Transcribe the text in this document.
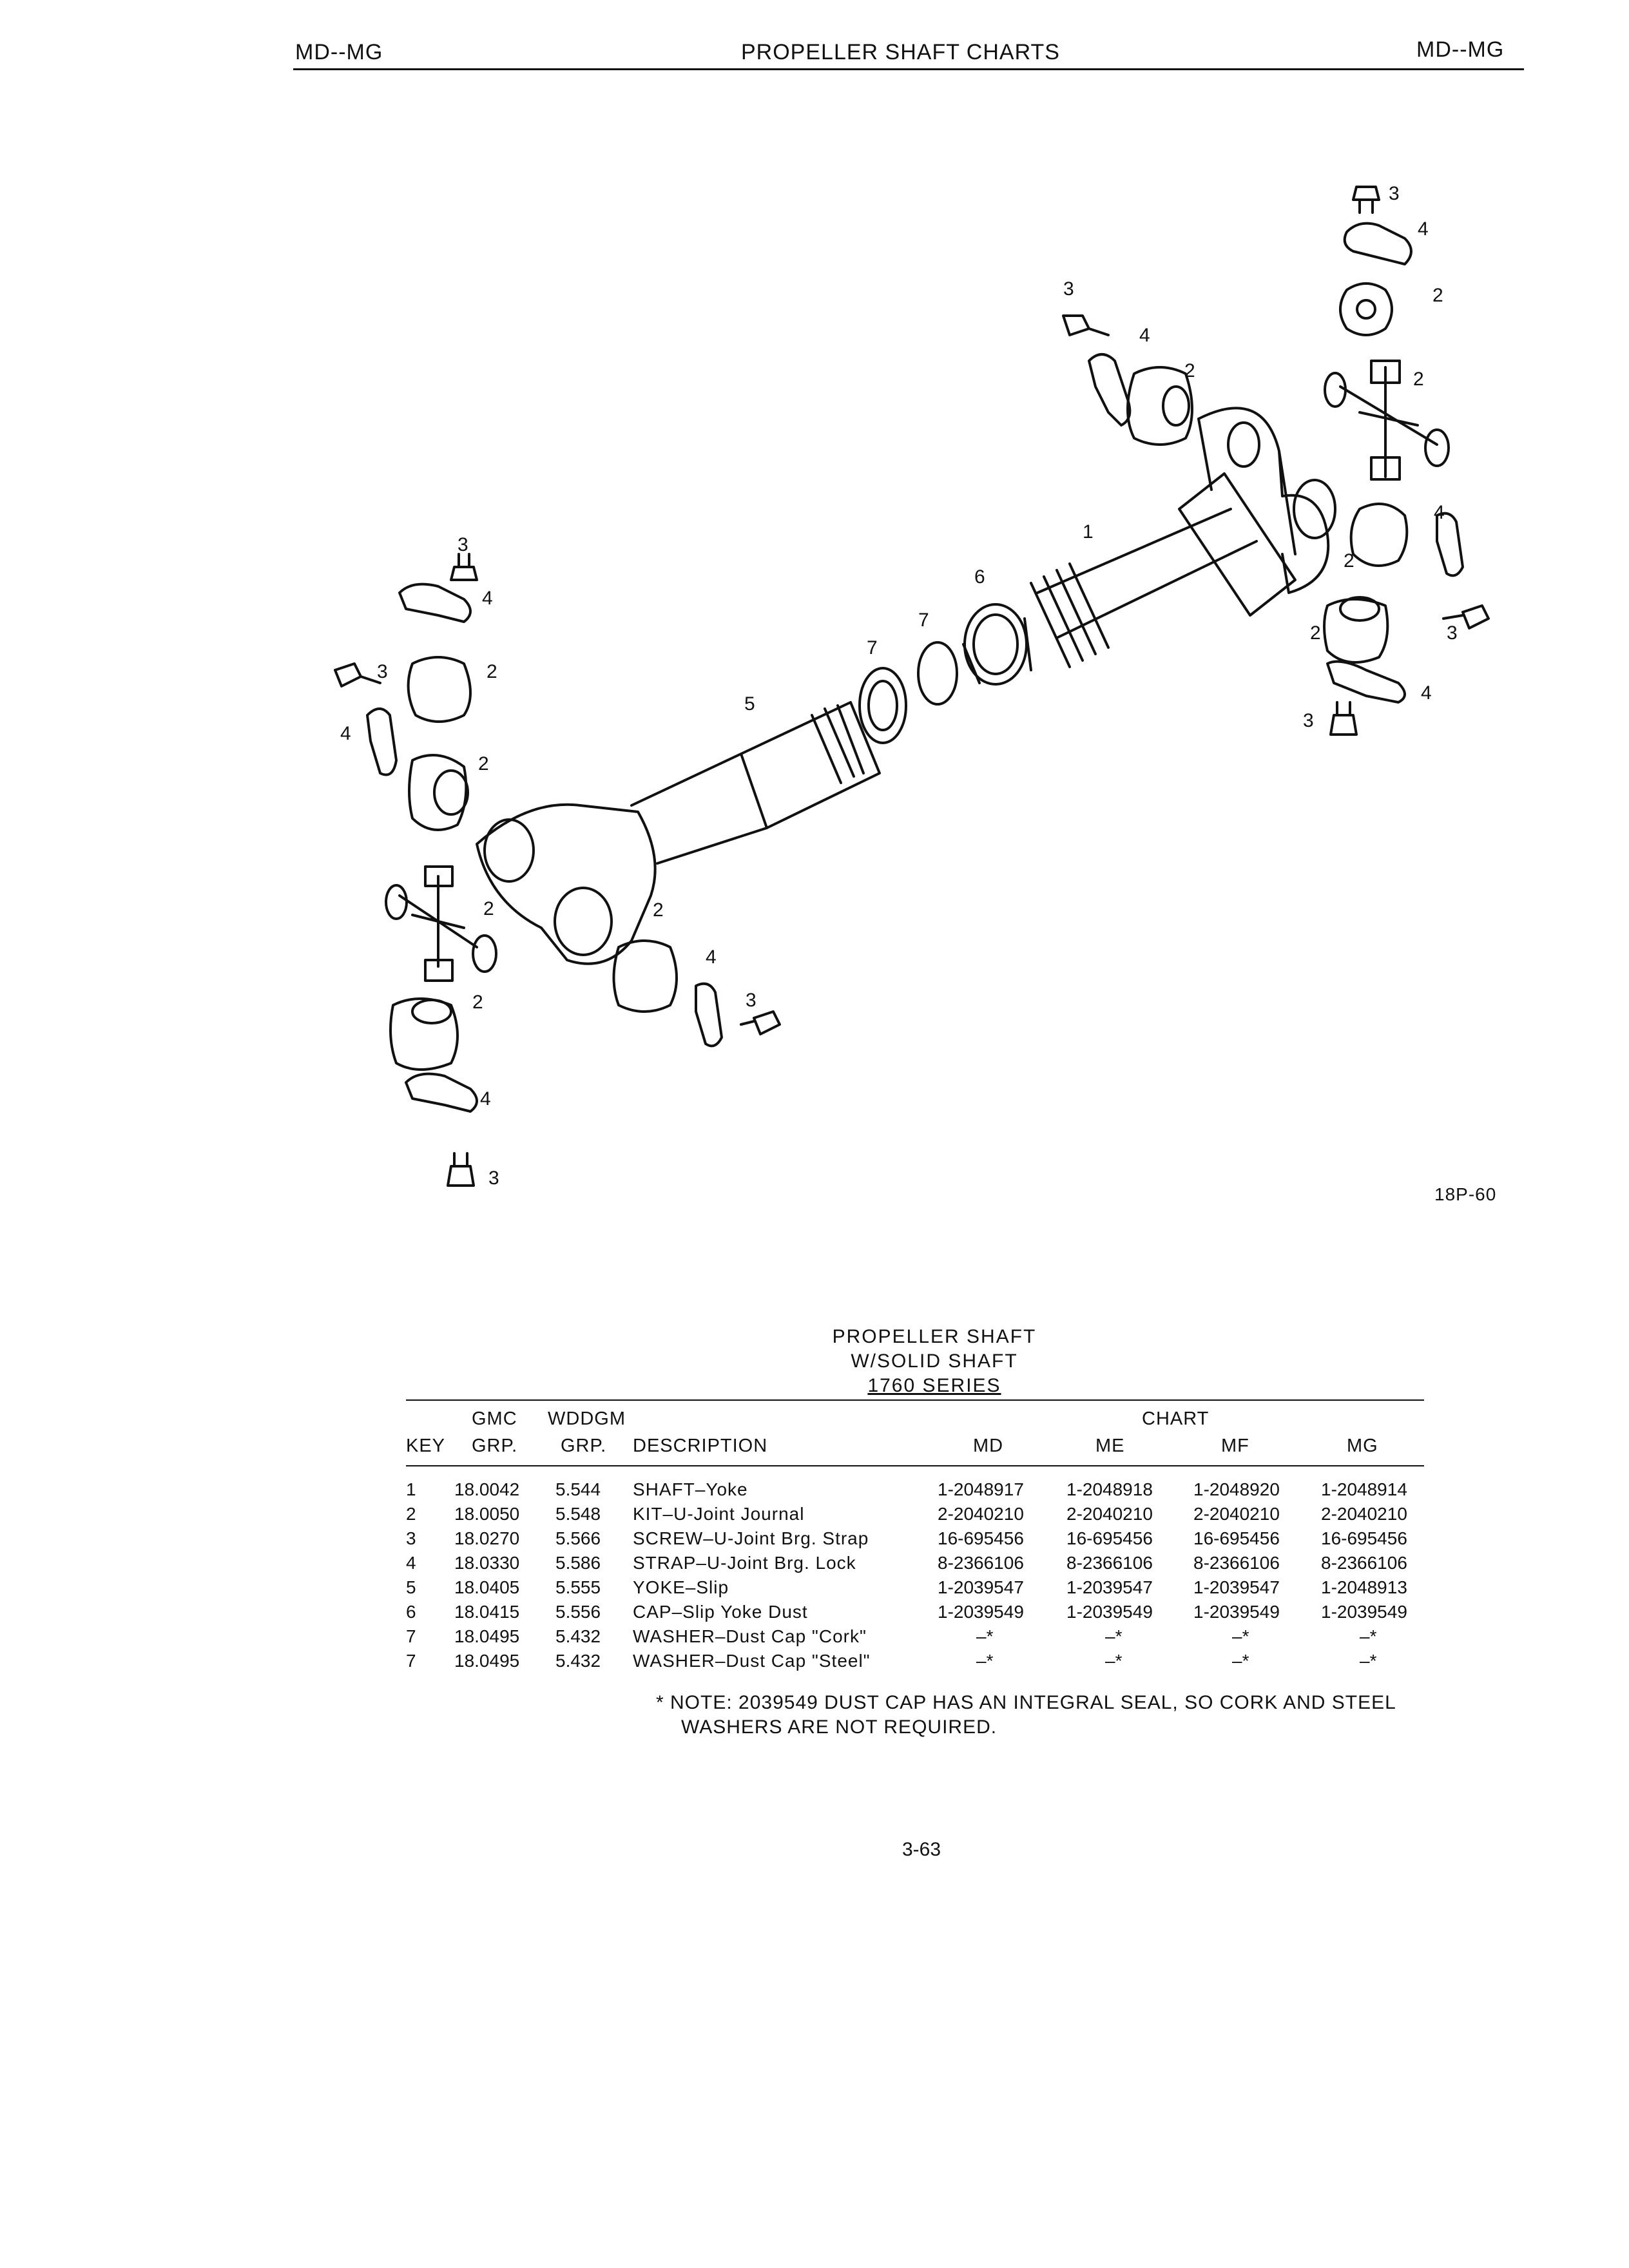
MD--MG	PROPELLER SHAFT CHARTS	MD--MG
3
4
2
2
3
4
2
1
6
7
7
5
4
2
2	3
4
3
3
4
3	2
4
2
2	2
4
3
2
4
3
18P-60
PROPELLER SHAFT
W/SOLID SHAFT
1760 SERIES
GMC WDDGM	CHART
KEY GRP. GRP. DESCRIPTION	MD	ME	MF	MG
1 18.0042 5.544 SHAFT–Yoke	1-2048917 1-2048918 1-2048920 1-2048914
2 18.0050 5.548 KIT–U-Joint Journal	2-2040210 2-2040210 2-2040210 2-2040210
3 18.0270 5.566 SCREW–U-Joint Brg. Strap	16-695456 16-695456 16-695456 16-695456
4 18.0330 5.586 STRAP–U-Joint Brg. Lock	8-2366106 8-2366106 8-2366106 8-2366106
5 18.0405 5.555 YOKE–Slip	1-2039547 1-2039547 1-2039547 1-2048913
6 18.0415 5.556 CAP–Slip Yoke Dust	1-2039549 1-2039549 1-2039549 1-2039549
7 18.0495 5.432 WASHER–Dust Cap "Cork"	–*	–*	–*	–*
7 18.0495 5.432 WASHER–Dust Cap "Steel"	–*	–*	–*	–*
* NOTE: 2039549 DUST CAP HAS AN INTEGRAL SEAL, SO CORK AND STEEL
WASHERS ARE NOT REQUIRED.
3-63
